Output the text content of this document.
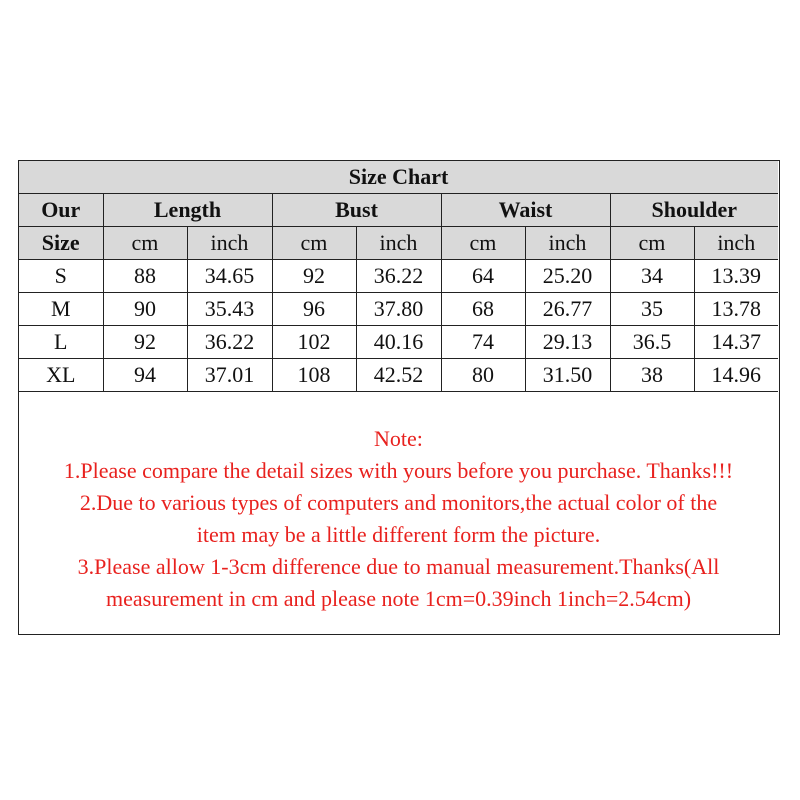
Size Chart								
Our	Length		Bust		Waist		Shoulder	
Size	cm	inch	cm	inch	cm	inch	cm	inch
S	88	34.65	92	36.22	64	25.20	34	13.39
M	90	35.43	96	37.80	68	26.77	35	13.78
L	92	36.22	102	40.16	74	29.13	36.5	14.37
XL	94	37.01	108	42.52	80	31.50	38	14.96
Note:
1.Please compare the detail sizes with yours before you purchase. Thanks!!!
2.Due to various types of computers and monitors,the actual color of the
item may be a little different form the picture.
3.Please allow 1-3cm difference due to manual measurement.Thanks(All
measurement in cm and please note 1cm=0.39inch 1inch=2.54cm)
